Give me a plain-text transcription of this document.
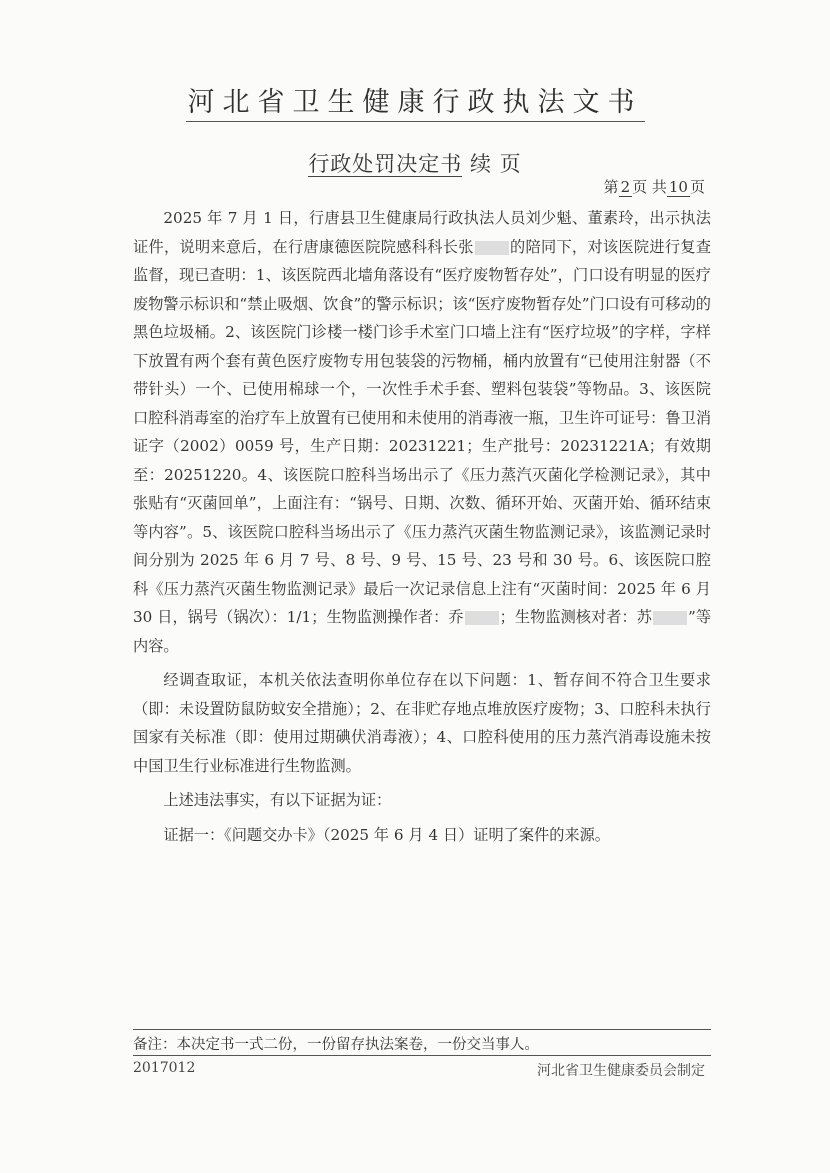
河北省卫生健康行政执法文书
行政处罚决定书 续 页
第 2 页 共 10 页

2025 年 7 月 1 日，行唐县卫生健康局行政执法人员刘少魁、董素玲，出示执法证件，说明来意后，在行唐康德医院院感科科长张 的陪同下，对该医院进行复查监督，现已查明：1、该医院西北墙角落设有“医疗废物暂存处”，门口设有明显的医疗废物警示标识和“禁止吸烟、饮食”的警示标识；该“医疗废物暂存处”门口设有可移动的黑色垃圾桶。2、该医院门诊楼一楼门诊手术室门口墙上注有“医疗垃圾”的字样，字样下放置有两个套有黄色医疗废物专用包装袋的污物桶，桶内放置有“已使用注射器（不带针头）一个、已使用棉球一个，一次性手术手套、塑料包装袋”等物品。3、该医院口腔科消毒室的治疗车上放置有已使用和未使用的消毒液一瓶，卫生许可证号：鲁卫消证字（2002）0059 号，生产日期：20231221；生产批号：20231221A；有效期至：20251220。4、该医院口腔科当场出示了《压力蒸汽灭菌化学检测记录》，其中张贴有“灭菌回单”，上面注有：“锅号、日期、次数、循环开始、灭菌开始、循环结束等内容”。5、该医院口腔科当场出示了《压力蒸汽灭菌生物监测记录》，该监测记录时间分别为 2025 年 6 月 7 号、8 号、9 号、15 号、23 号和 30 号。6、该医院口腔科《压力蒸汽灭菌生物监测记录》最后一次记录信息上注有“灭菌时间：2025 年 6 月 30 日，锅号（锅次）：1/1；生物监测操作者：乔 ；生物监测核对者：苏 ”等内容。

经调查取证，本机关依法查明你单位存在以下问题：1、暂存间不符合卫生要求（即：未设置防鼠防蚊安全措施）；2、在非贮存地点堆放医疗废物；3、口腔科未执行国家有关标准（即：使用过期碘伏消毒液）；4、口腔科使用的压力蒸汽消毒设施未按中国卫生行业标准进行生物监测。

上述违法事实，有以下证据为证：

证据一：《问题交办卡》（2025 年 6 月 4 日）证明了案件的来源。

备注：本决定书一式二份，一份留存执法案卷，一份交当事人。
2017012	河北省卫生健康委员会制定
